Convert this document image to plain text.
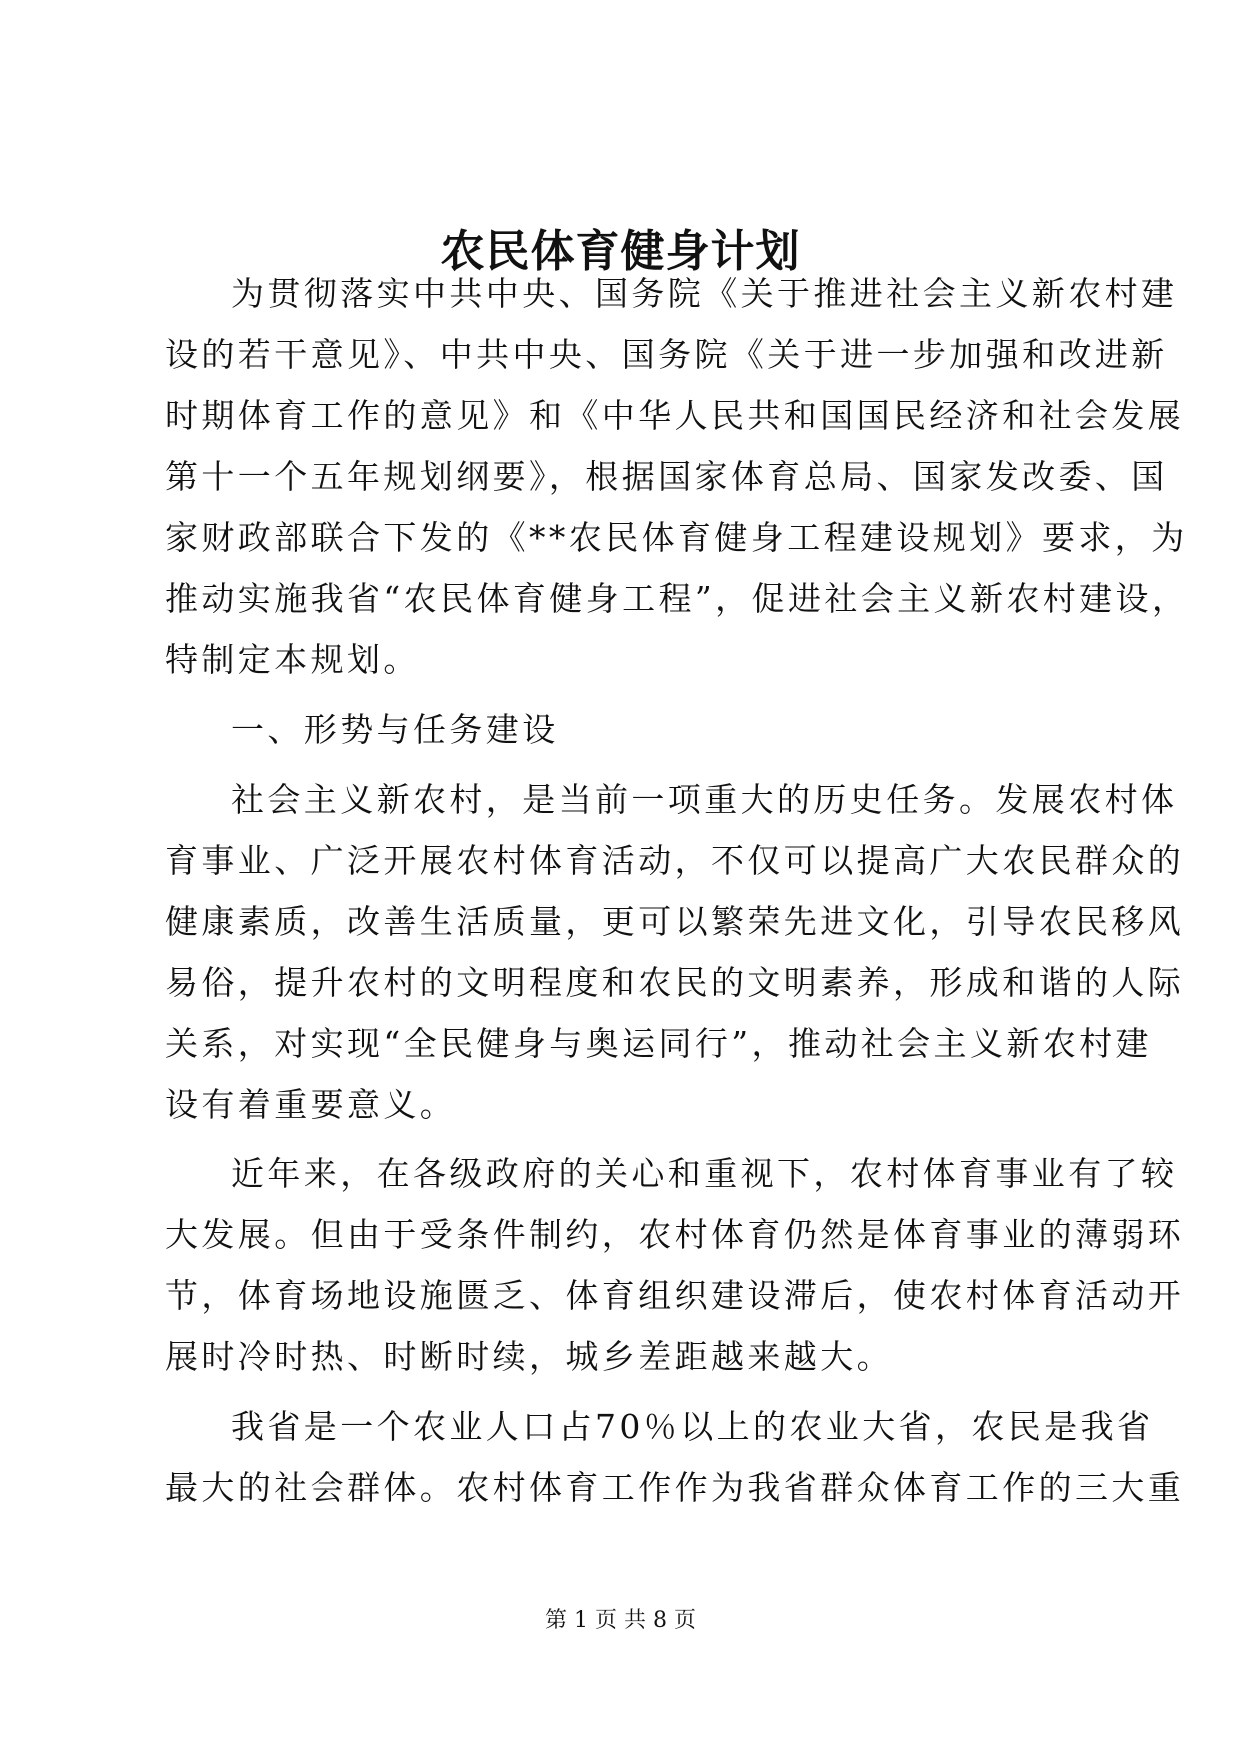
农民体育健身计划
为贯彻落实中共中央、国务院《关于推进社会主义新农村建
设的若干意见》、中共中央、国务院《关于进一步加强和改进新
时期体育工作的意见》和《中华人民共和国国民经济和社会发展
第十一个五年规划纲要》，根据国家体育总局、国家发改委、国
家财政部联合下发的《**农民体育健身工程建设规划》要求，为
推动实施我省“农民体育健身工程”，促进社会主义新农村建设，
特制定本规划。
一、形势与任务建设
社会主义新农村，是当前一项重大的历史任务。发展农村体
育事业、广泛开展农村体育活动，不仅可以提高广大农民群众的
健康素质，改善生活质量，更可以繁荣先进文化，引导农民移风
易俗，提升农村的文明程度和农民的文明素养，形成和谐的人际
关系，对实现“全民健身与奥运同行”，推动社会主义新农村建
设有着重要意义。
近年来，在各级政府的关心和重视下，农村体育事业有了较
大发展。但由于受条件制约，农村体育仍然是体育事业的薄弱环
节，体育场地设施匮乏、体育组织建设滞后，使农村体育活动开
展时冷时热、时断时续，城乡差距越来越大。
我省是一个农业人口占70％以上的农业大省，农民是我省
最大的社会群体。农村体育工作作为我省群众体育工作的三大重
第 1 页 共 8 页
